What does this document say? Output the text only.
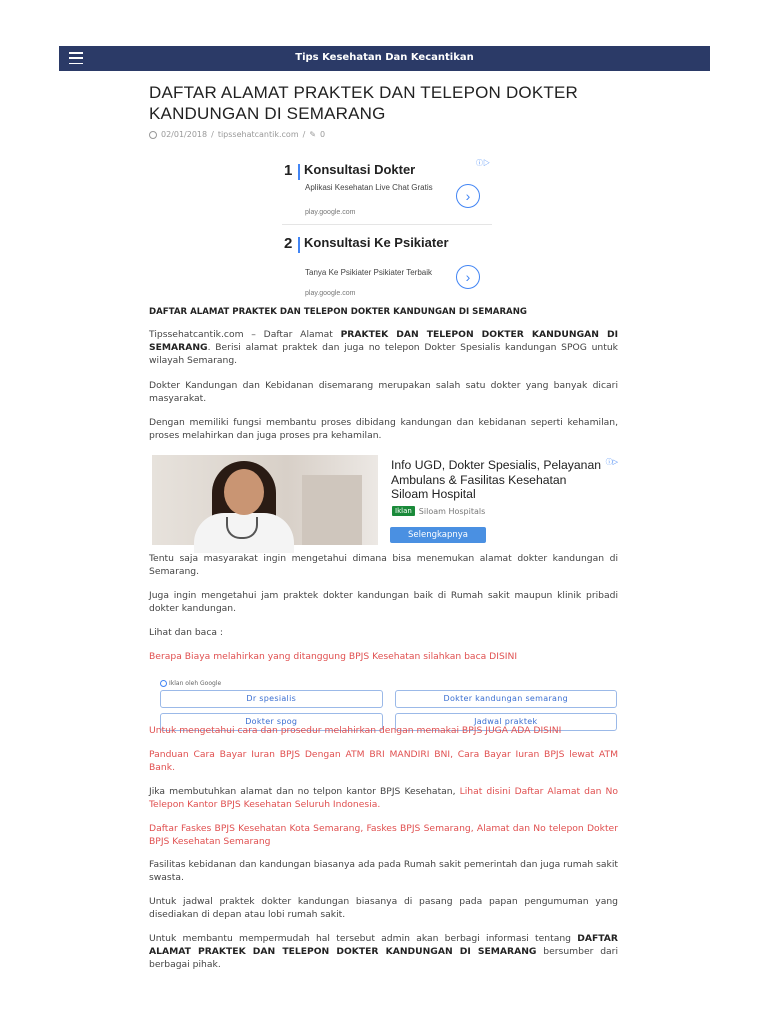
Tips Kesehatan Dan Kecantikan
DAFTAR ALAMAT PRAKTEK DAN TELEPON DOKTER KANDUNGAN DI SEMARANG
02/01/2018 / tipssehatcantik.com / ✎ 0
ⓘ▷
1 Konsultasi Dokter
Aplikasi Kesehatan Live Chat Gratis
play.google.com
›
2 Konsultasi Ke Psikiater
Tanya Ke Psikiater Psikiater Terbaik
play.google.com
›
DAFTAR ALAMAT PRAKTEK DAN TELEPON DOKTER KANDUNGAN DI SEMARANG
Tipssehatcantik.com – Daftar Alamat PRAKTEK DAN TELEPON DOKTER KANDUNGAN DI SEMARANG. Berisi alamat praktek dan juga no telepon Dokter Spesialis kandungan SPOG untuk wilayah Semarang.
Dokter Kandungan dan Kebidanan disemarang merupakan salah satu dokter yang banyak dicari masyarakat.
Dengan memiliki fungsi membantu proses dibidang kandungan dan kebidanan seperti kehamilan, proses melahirkan dan juga proses pra kehamilan.
ⓘ▷
Info UGD, Dokter Spesialis, Pelayanan Ambulans & Fasilitas Kesehatan Siloam Hospital
Iklan Siloam Hospitals
Selengkapnya
Tentu saja masyarakat ingin mengetahui dimana bisa menemukan alamat dokter kandungan di Semarang.
Juga ingin mengetahui jam praktek dokter kandungan baik di Rumah sakit maupun klinik pribadi dokter kandungan.
Lihat dan baca :
Berapa Biaya melahirkan yang ditanggung BPJS Kesehatan silahkan baca DISINI
Iklan oleh Google
Dr spesialis	Dokter kandungan semarang
Dokter spog	Jadwal praktek
Untuk mengetahui cara dan prosedur melahirkan dengan memakai BPJS JUGA ADA DISINI
Panduan Cara Bayar Iuran BPJS Dengan ATM BRI MANDIRI BNI, Cara Bayar Iuran BPJS lewat ATM Bank.
Jika membutuhkan alamat dan no telpon kantor BPJS Kesehatan, Lihat disini Daftar Alamat dan No Telepon Kantor BPJS Kesehatan Seluruh Indonesia.
Daftar Faskes BPJS Kesehatan Kota Semarang, Faskes BPJS Semarang, Alamat dan No telepon Dokter BPJS Kesehatan Semarang
Fasilitas kebidanan dan kandungan biasanya ada pada Rumah sakit pemerintah dan juga rumah sakit swasta.
Untuk jadwal praktek dokter kandungan biasanya di pasang pada papan pengumuman yang disediakan di depan atau lobi rumah sakit.
Untuk membantu mempermudah hal tersebut admin akan berbagi informasi tentang DAFTAR ALAMAT PRAKTEK DAN TELEPON DOKTER KANDUNGAN DI SEMARANG bersumber dari berbagai pihak.
